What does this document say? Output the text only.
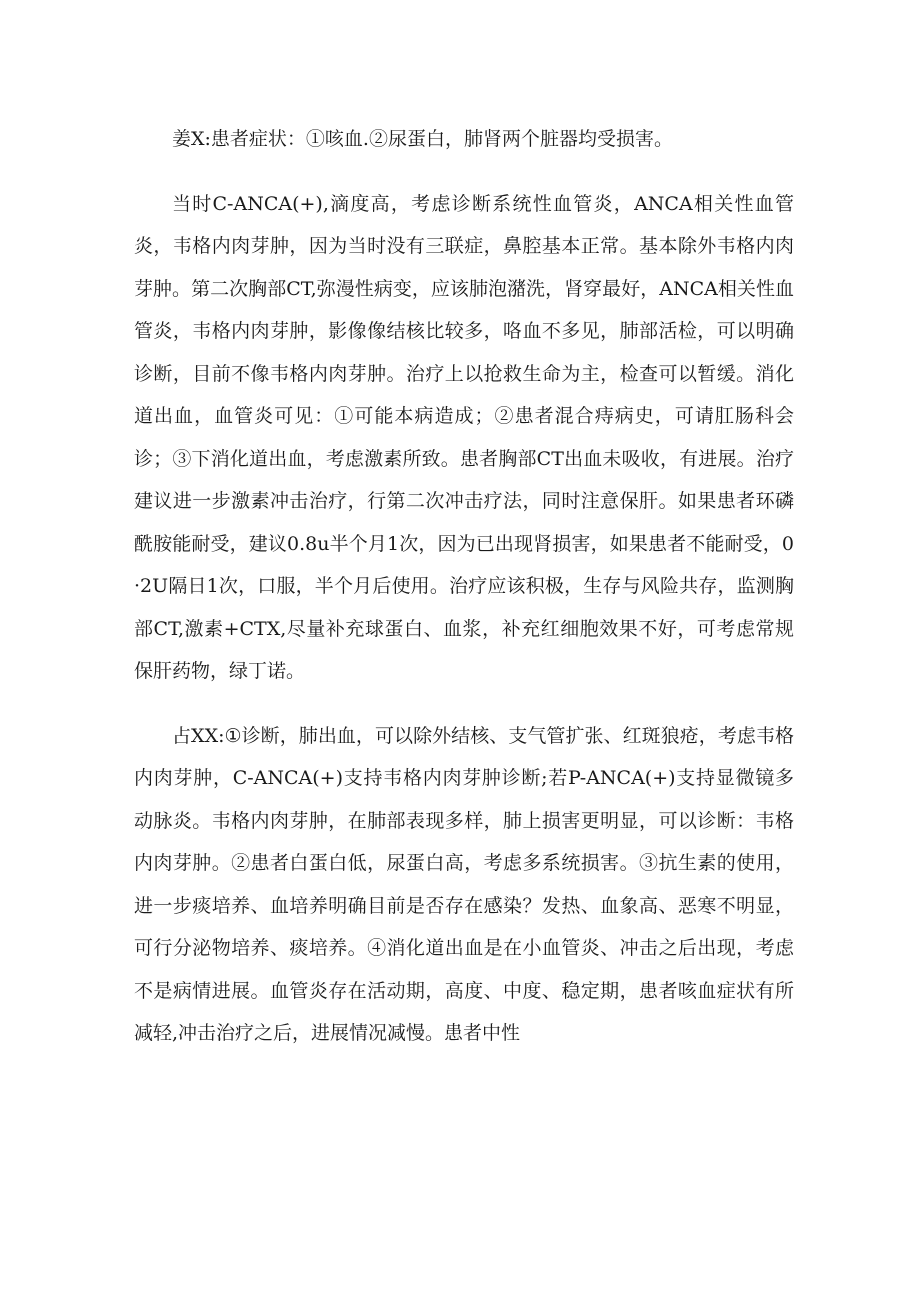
姜X:患者症状：①咳血.②尿蛋白，肺肾两个脏器均受损害。

当时C-ANCA(+),滴度高，考虑诊断系统性血管炎，ANCA相关性血管炎，韦格内肉芽肿，因为当时没有三联症，鼻腔基本正常。基本除外韦格内肉芽肿。第二次胸部CT,弥漫性病变，应该肺泡潴洗，肾穿最好，ANCA相关性血管炎，韦格内肉芽肿，影像像结核比较多，咯血不多见，肺部活检，可以明确诊断，目前不像韦格内肉芽肿。治疗上以抢救生命为主，检查可以暂缓。消化道出血，血管炎可见：①可能本病造成；②患者混合痔病史，可请肛肠科会诊；③下消化道出血，考虑激素所致。患者胸部CT出血未吸收，有进展。治疗建议进一步激素冲击治疗，行第二次冲击疗法，同时注意保肝。如果患者环磷酰胺能耐受，建议0.8u半个月1次，因为已出现肾损害，如果患者不能耐受，0·2U隔日1次，口服，半个月后使用。治疗应该积极，生存与风险共存，监测胸部CT,激素+CTX,尽量补充球蛋白、血浆，补充红细胞效果不好，可考虑常规保肝药物，绿丁诺。

占XX:①诊断，肺出血，可以除外结核、支气管扩张、红斑狼疮，考虑韦格内肉芽肿，C-ANCA(+)支持韦格内肉芽肿诊断;若P-ANCA(+)支持显微镜多动脉炎。韦格内肉芽肿，在肺部表现多样，肺上损害更明显，可以诊断：韦格内肉芽肿。②患者白蛋白低，尿蛋白高，考虑多系统损害。③抗生素的使用，进一步痰培养、血培养明确目前是否存在感染？发热、血象高、恶寒不明显，可行分泌物培养、痰培养。④消化道出血是在小血管炎、冲击之后出现，考虑不是病情进展。血管炎存在活动期，高度、中度、稳定期，患者咳血症状有所减轻,冲击治疗之后，进展情况减慢。患者中性
